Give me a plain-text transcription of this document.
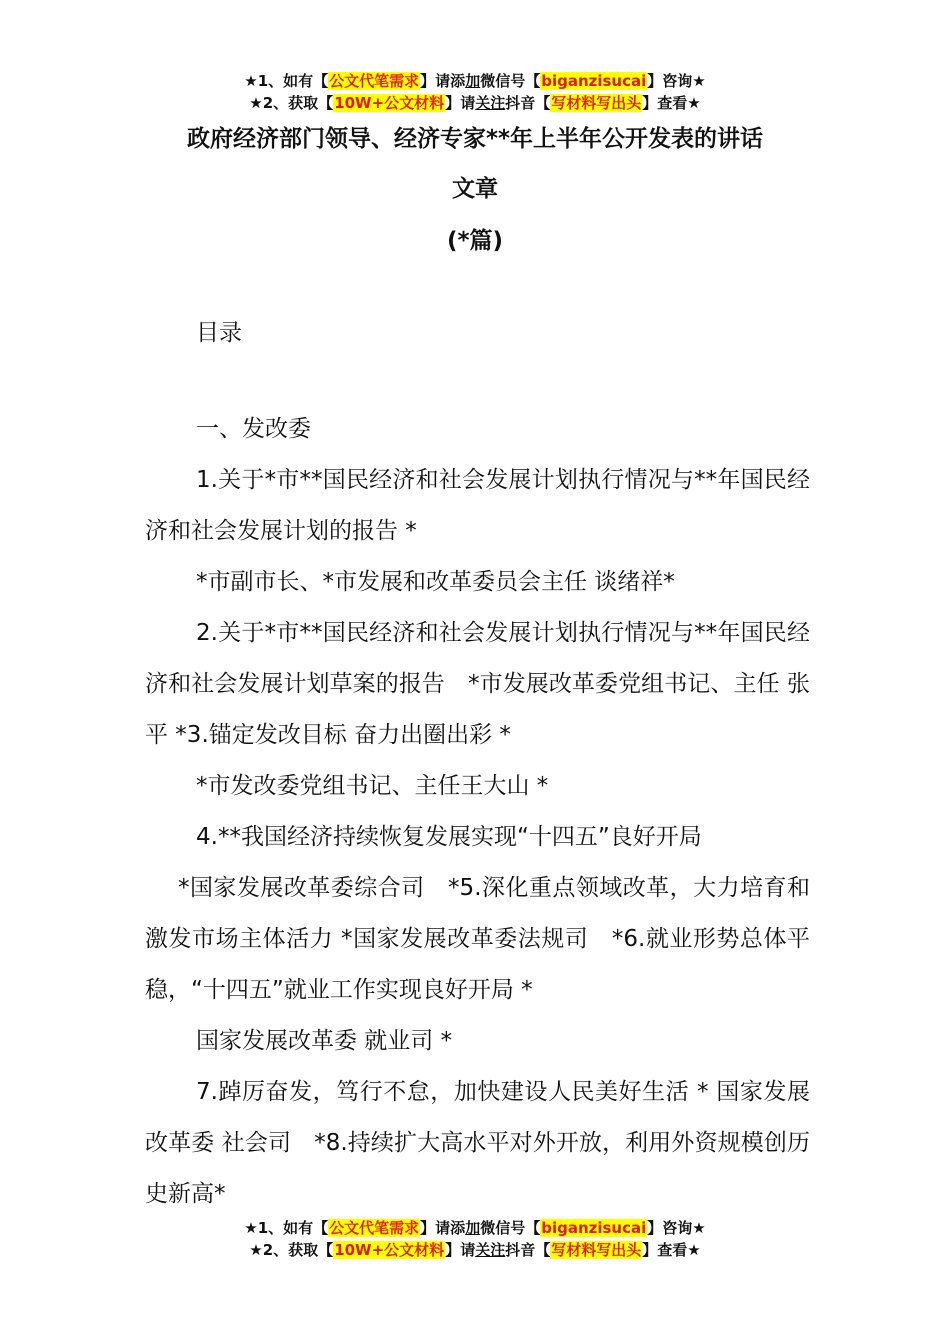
★1、如有【公文代笔需求】请添加微信号【biganzisucai】咨询★
★2、获取【10W+公文材料】请关注抖音【写材料写出头】查看★
政府经济部门领导、经济专家**年上半年公开发表的讲话
文章
(*篇)

目录

一、发改委

1.关于*市**国民经济和社会发展计划执行情况与**年国民经济和社会发展计划的报告 *

*市副市长、*市发展和改革委员会主任 谈绪祥*

2.关于*市**国民经济和社会发展计划执行情况与**年国民经济和社会发展计划草案的报告　*市发展改革委党组书记、主任 张平 *3.锚定发改目标 奋力出圈出彩 *

*市发改委党组书记、主任王大山 *

4.**我国经济持续恢复发展实现“十四五”良好开局

*国家发展改革委综合司　*5.深化重点领域改革，大力培育和激发市场主体活力 *国家发展改革委法规司　*6.就业形势总体平稳，“十四五”就业工作实现良好开局 *

国家发展改革委 就业司 *

7.踔厉奋发，笃行不怠，加快建设人民美好生活 * 国家发展改革委 社会司　*8.持续扩大高水平对外开放，利用外资规模创历史新高*

★1、如有【公文代笔需求】请添加微信号【biganzisucai】咨询★
★2、获取【10W+公文材料】请关注抖音【写材料写出头】查看★
